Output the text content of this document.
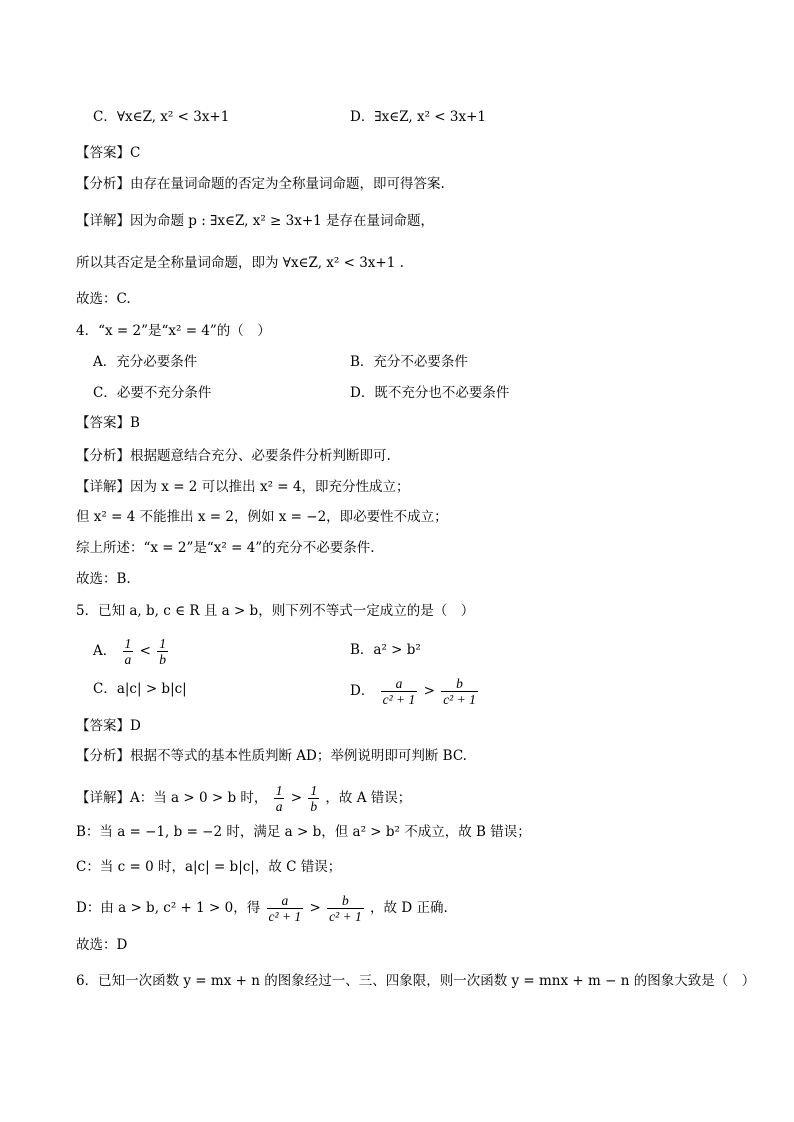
C．∀x∈Z, x² < 3x+1	D．∃x∈Z, x² < 3x+1
【答案】C
【分析】由存在量词命题的否定为全称量词命题，即可得答案.
【详解】因为命题 p : ∃x∈Z, x² ≥ 3x+1 是存在量词命题，
所以其否定是全称量词命题，即为 ∀x∈Z, x² < 3x+1 .
故选：C.
4．“x = 2”是“x² = 4”的（　）
A．充分必要条件	B．充分不必要条件
C．必要不充分条件	D．既不充分也不必要条件
【答案】B
【分析】根据题意结合充分、必要条件分析判断即可.
【详解】因为 x = 2 可以推出 x² = 4，即充分性成立；
但 x² = 4 不能推出 x = 2，例如 x = −2，即必要性不成立；
综上所述：“x = 2”是“x² = 4”的充分不必要条件.
故选：B.
5．已知 a, b, c ∈ R 且 a > b，则下列不等式一定成立的是（　）
A． $\frac{1}{a} < \frac{1}{b}$	B．a² > b²
C．a|c| > b|c|	D． $\frac{a}{\text{c² + 1}} > \frac{b}{\text{c² + 1}}$
【答案】D
【分析】根据不等式的基本性质判断 AD；举例说明即可判断 BC.
【详解】A：当 a > 0 > b 时， $\frac{1}{a} > \frac{1}{b}$ ，故 A 错误；
B：当 a = −1, b = −2 时，满足 a > b，但 a² > b² 不成立，故 B 错误；
C：当 c = 0 时，a|c| = b|c|，故 C 错误；
D：由 a > b, c² + 1 > 0，得 $\frac{a}{\text{c² + 1}} > \frac{b}{\text{c² + 1}}$ ，故 D 正确.
故选：D
6．已知一次函数 y = mx + n 的图象经过一、三、四象限，则一次函数 y = mnx + m − n 的图象大致是（　）
